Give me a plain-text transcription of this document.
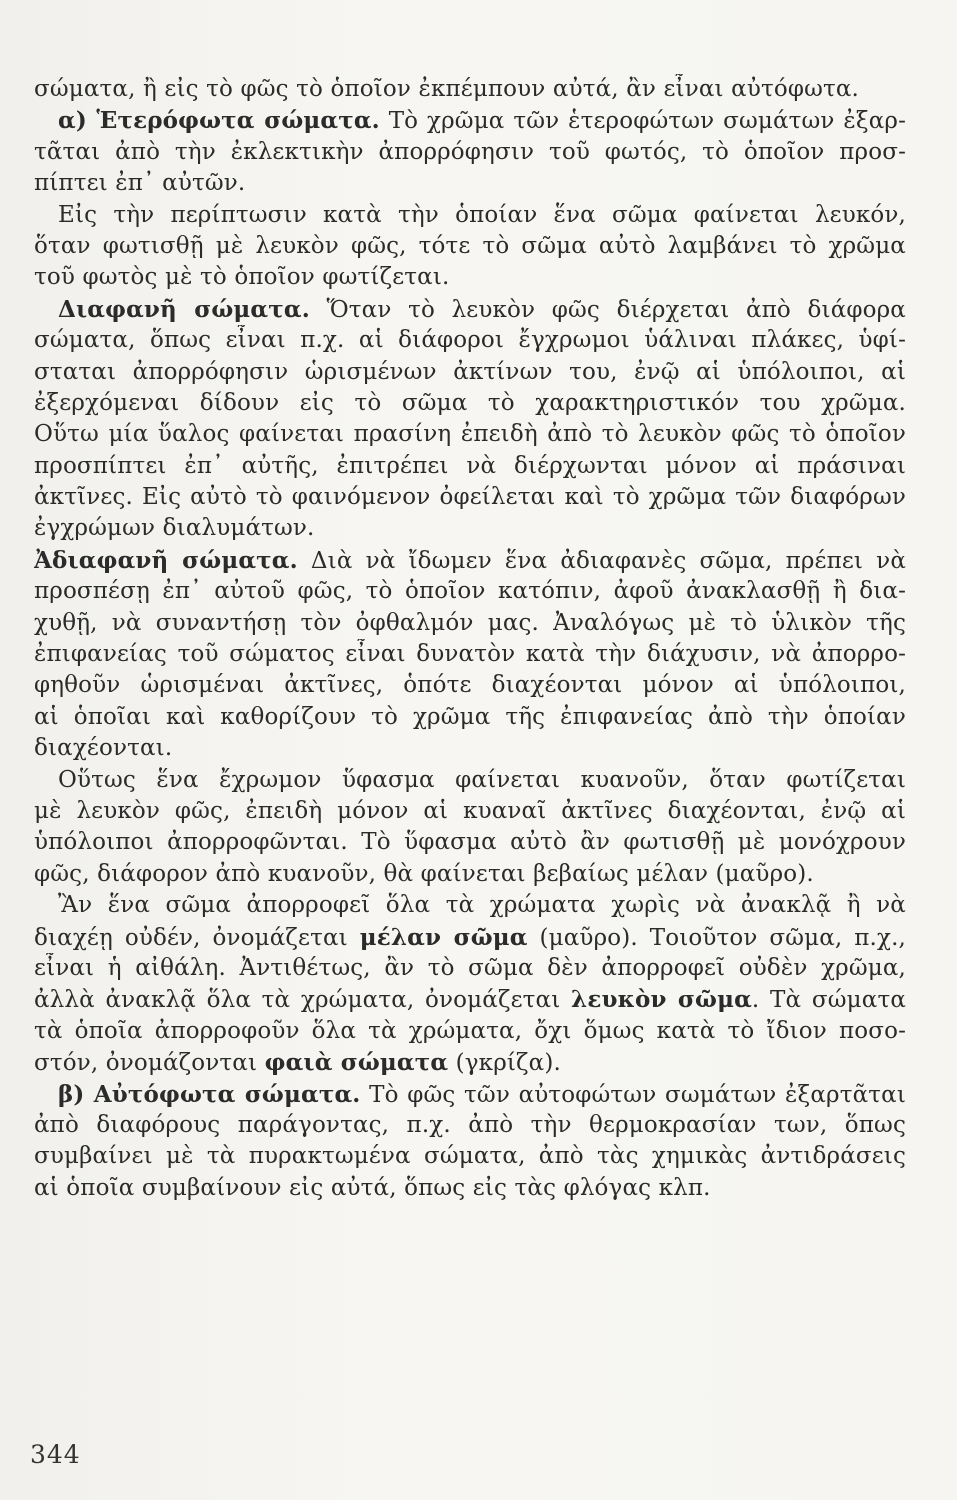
σώματα, ἢ εἰς τὸ φῶς τὸ ὁποῖον ἐκπέμπουν αὐτά, ἂν εἶναι αὐτόφωτα.
α) Ἑτερόφωτα σώματα. Τὸ χρῶμα τῶν ἑτεροφώτων σωμάτων ἐξαρ-
τᾶται ἀπὸ τὴν ἐκλεκτικὴν ἀπορρόφησιν τοῦ φωτός, τὸ ὁποῖον προσ-
πίπτει ἐπ᾽ αὐτῶν.
Εἰς τὴν περίπτωσιν κατὰ τὴν ὁποίαν ἕνα σῶμα φαίνεται λευκόν,
ὅταν φωτισθῇ μὲ λευκὸν φῶς, τότε τὸ σῶμα αὐτὸ λαμβάνει τὸ χρῶμα
τοῦ φωτὸς μὲ τὸ ὁποῖον φωτίζεται.
Διαφανῆ σώματα. Ὅταν τὸ λευκὸν φῶς διέρχεται ἀπὸ διάφορα
σώματα, ὅπως εἶναι π.χ. αἱ διάφοροι ἔγχρωμοι ὑάλιναι πλάκες, ὑφί-
σταται ἀπορρόφησιν ὡρισμένων ἀκτίνων του, ἐνῷ αἱ ὑπόλοιποι, αἱ
ἐξερχόμεναι δίδουν εἰς τὸ σῶμα τὸ χαρακτηριστικόν του χρῶμα.
Οὕτω μία ὕαλος φαίνεται πρασίνη ἐπειδὴ ἀπὸ τὸ λευκὸν φῶς τὸ ὁποῖον
προσπίπτει ἐπ᾽ αὐτῆς, ἐπιτρέπει νὰ διέρχωνται μόνον αἱ πράσιναι
ἀκτῖνες. Εἰς αὐτὸ τὸ φαινόμενον ὀφείλεται καὶ τὸ χρῶμα τῶν διαφόρων
ἐγχρώμων διαλυμάτων.
Ἀδιαφανῆ σώματα. Διὰ νὰ ἴδωμεν ἕνα ἀδιαφανὲς σῶμα, πρέπει νὰ
προσπέσῃ ἐπ᾽ αὐτοῦ φῶς, τὸ ὁποῖον κατόπιν, ἀφοῦ ἀνακλασθῇ ἢ δια-
χυθῇ, νὰ συναντήσῃ τὸν ὀφθαλμόν μας. Ἀναλόγως μὲ τὸ ὑλικὸν τῆς
ἐπιφανείας τοῦ σώματος εἶναι δυνατὸν κατὰ τὴν διάχυσιν, νὰ ἀπορρο-
φηθοῦν ὡρισμέναι ἀκτῖνες, ὁπότε διαχέονται μόνον αἱ ὑπόλοιποι,
αἱ ὁποῖαι καὶ καθορίζουν τὸ χρῶμα τῆς ἐπιφανείας ἀπὸ τὴν ὁποίαν
διαχέονται.
Οὕτως ἕνα ἔχρωμον ὕφασμα φαίνεται κυανοῦν, ὅταν φωτίζεται
μὲ λευκὸν φῶς, ἐπειδὴ μόνον αἱ κυαναῖ ἀκτῖνες διαχέονται, ἐνῷ αἱ
ὑπόλοιποι ἀπορροφῶνται. Τὸ ὕφασμα αὐτὸ ἂν φωτισθῇ μὲ μονόχρουν
φῶς, διάφορον ἀπὸ κυανοῦν, θὰ φαίνεται βεβαίως μέλαν (μαῦρο).
Ἂν ἕνα σῶμα ἀπορροφεῖ ὅλα τὰ χρώματα χωρὶς νὰ ἀνακλᾷ ἢ νὰ
διαχέῃ οὐδέν, ὀνομάζεται μέλαν σῶμα (μαῦρο). Τοιοῦτον σῶμα, π.χ.,
εἶναι ἡ αἰθάλη. Ἀντιθέτως, ἂν τὸ σῶμα δὲν ἀπορροφεῖ οὐδὲν χρῶμα,
ἀλλὰ ἀνακλᾷ ὅλα τὰ χρώματα, ὀνομάζεται λευκὸν σῶμα. Τὰ σώματα
τὰ ὁποῖα ἀπορροφοῦν ὅλα τὰ χρώματα, ὄχι ὅμως κατὰ τὸ ἴδιον ποσο-
στόν, ὀνομάζονται φαιὰ σώματα (γκρίζα).
β) Αὐτόφωτα σώματα. Τὸ φῶς τῶν αὐτοφώτων σωμάτων ἐξαρτᾶται
ἀπὸ διαφόρους παράγοντας, π.χ. ἀπὸ τὴν θερμοκρασίαν των, ὅπως
συμβαίνει μὲ τὰ πυρακτωμένα σώματα, ἀπὸ τὰς χημικὰς ἀντιδράσεις
αἱ ὁποῖα συμβαίνουν εἰς αὐτά, ὅπως εἰς τὰς φλόγας κλπ.
344
